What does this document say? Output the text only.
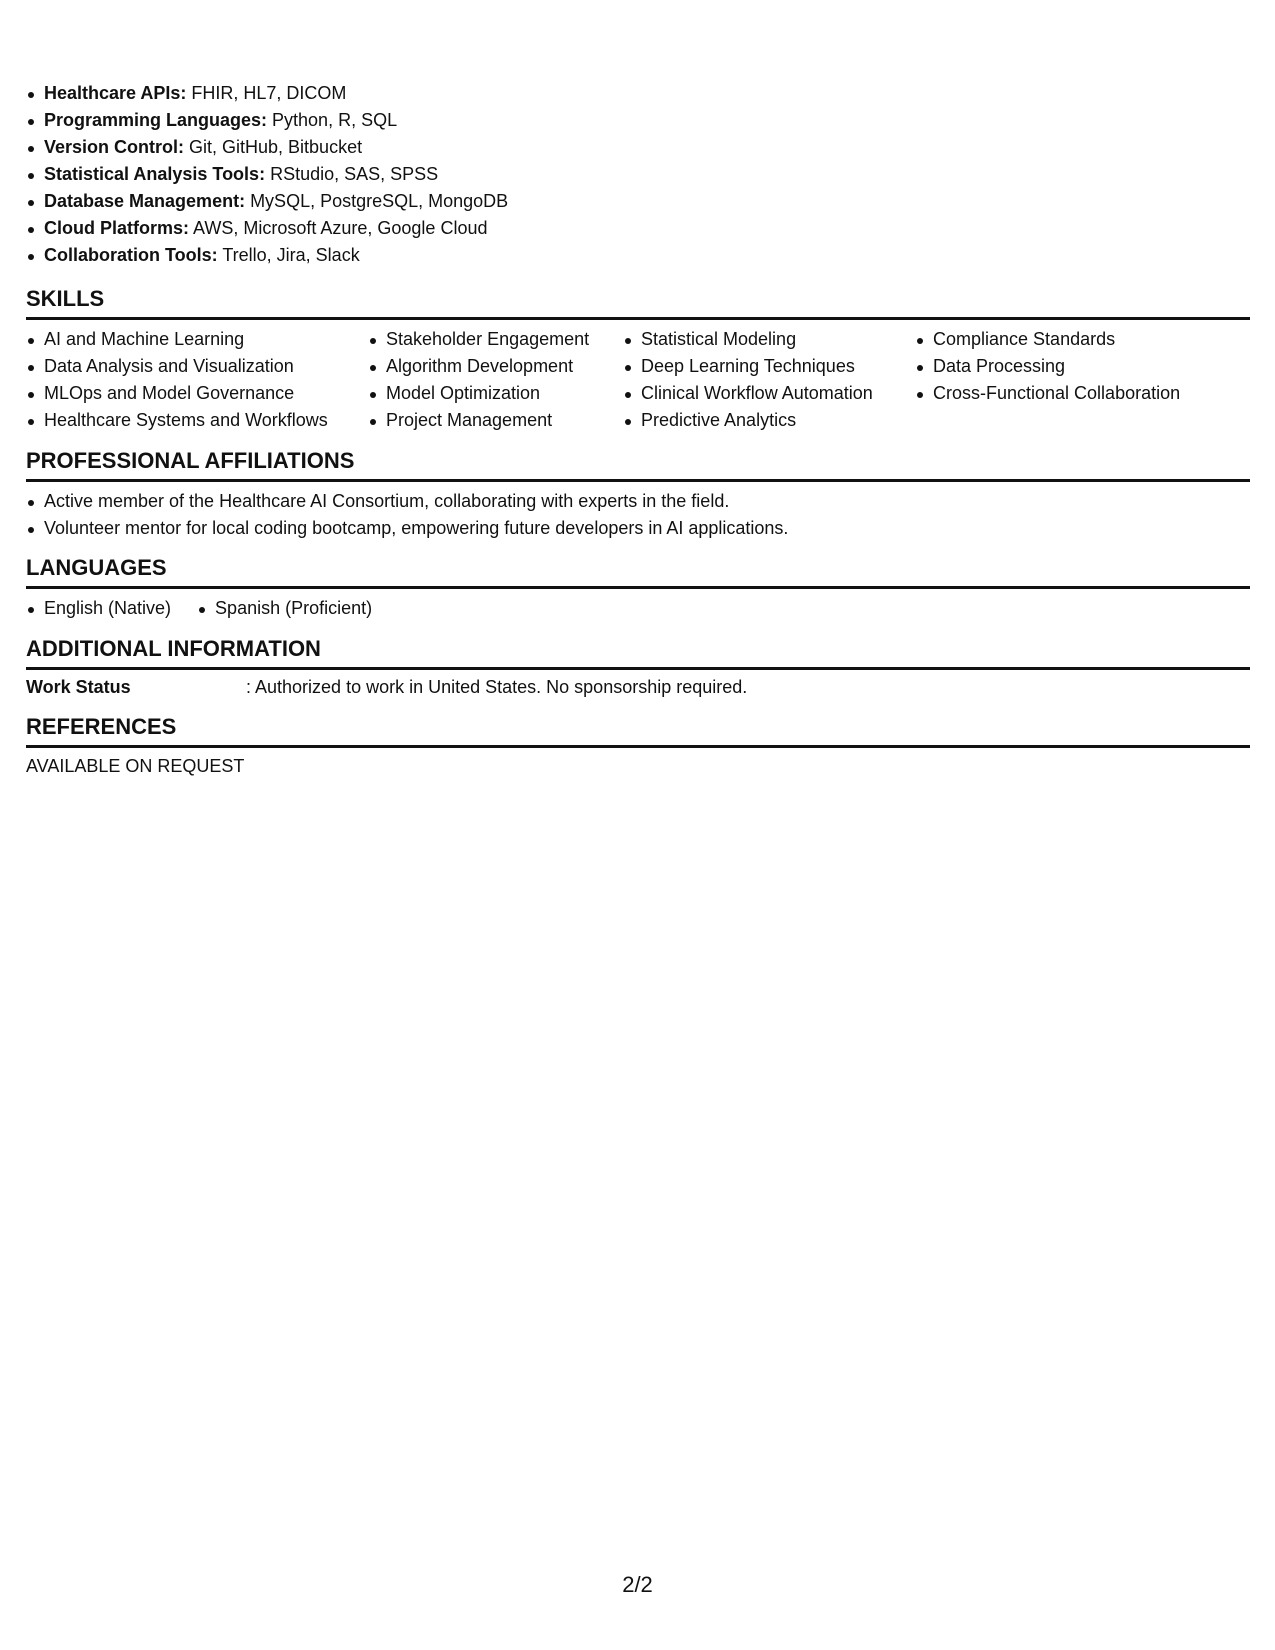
Healthcare APIs: FHIR, HL7, DICOM
Programming Languages: Python, R, SQL
Version Control: Git, GitHub, Bitbucket
Statistical Analysis Tools: RStudio, SAS, SPSS
Database Management: MySQL, PostgreSQL, MongoDB
Cloud Platforms: AWS, Microsoft Azure, Google Cloud
Collaboration Tools: Trello, Jira, Slack
SKILLS
AI and Machine Learning
Data Analysis and Visualization
MLOps and Model Governance
Healthcare Systems and Workflows
Stakeholder Engagement
Algorithm Development
Model Optimization
Project Management
Statistical Modeling
Deep Learning Techniques
Clinical Workflow Automation
Predictive Analytics
Compliance Standards
Data Processing
Cross-Functional Collaboration
PROFESSIONAL AFFILIATIONS
Active member of the Healthcare AI Consortium, collaborating with experts in the field.
Volunteer mentor for local coding bootcamp, empowering future developers in AI applications.
LANGUAGES
English (Native)	Spanish (Proficient)
ADDITIONAL INFORMATION
Work Status	: Authorized to work in United States. No sponsorship required.
REFERENCES
AVAILABLE ON REQUEST
2/2
